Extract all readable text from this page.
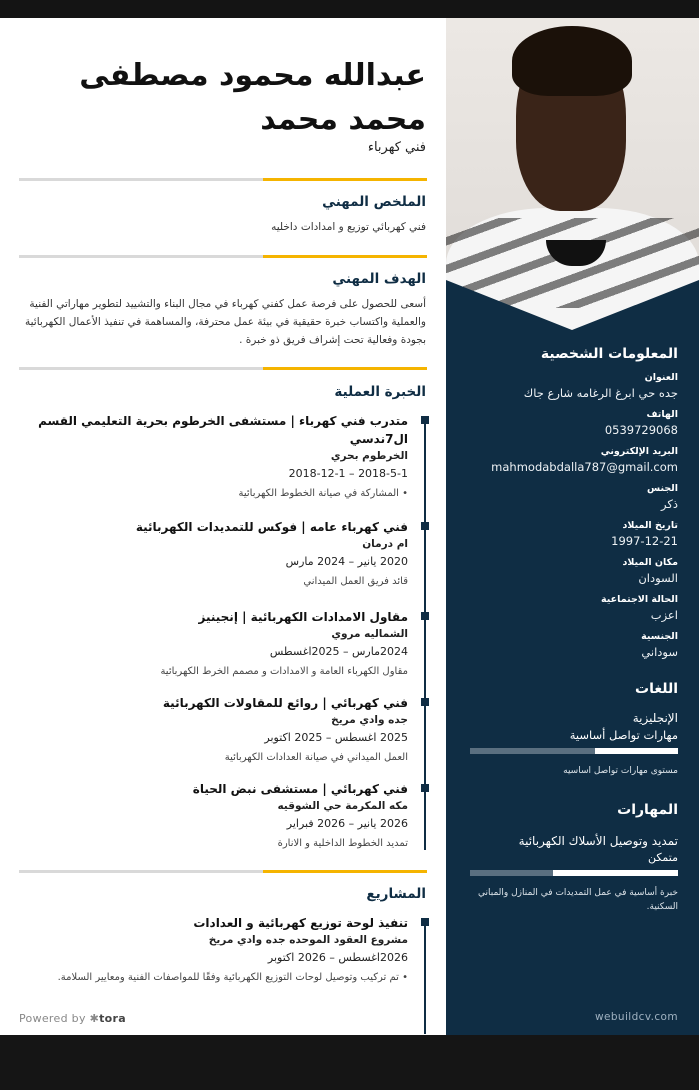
عبدالله محمود مصطفى محمد محمد
فني كهرباء
الملخص المهني
فني كهربائي توزيع و امدادات داخليه
الهدف المهني
أسعى للحصول على فرصة عمل كفني كهرباء في مجال البناء والتشييد لتطوير مهاراتي الفنية والعملية واكتساب خبرة حقيقية في بيئة عمل محترفة، والمساهمة في تنفيذ الأعمال الكهربائية بجودة وفعالية تحت إشراف فريق ذو خبرة .
الخبرة العملية
متدرب فني كهرباء | مستشفى الخرطوم بحرية التعليمي القسم ال7ندسي
الخرطوم بحري
2018-5-1 – 2018-12-1
• المشاركة في صيانة الخطوط الكهربائية
فني كهرباء عامه | فوكس للتمديدات الكهربائية
ام درمان
2020 يانير – 2024 مارس
قائد فريق العمل الميداني
مقاول الامدادات الكهربائية | إنجينيز
الشماليه مروي
2024مارس – 2025اغسطس
مقاول الكهرباء العامة و الامدادات و مصمم الخرط الكهربائية
فني كهربائي | روائع للمقاولات الكهربائية
جده وادي مريخ
2025 اغسطس – 2025 اكتوبر
العمل الميداني في صيانة العدادات الكهربائية
فني كهربائي | مستشفى نبض الحياة
مكه المكرمة حي الشوقيه
2026 يانير – 2026 فبراير
تمديد الخطوط الداخلية و الانارة
المشاريع
تنفيذ لوحة توزيع كهربائية و العدادات
مشروع العقود الموحده جده وادي مريخ
2026اغسطس – 2026 اكتوبر
• تم تركيب وتوصيل لوحات التوزيع الكهربائية وفقًا للمواصفات الفنية ومعايير السلامة.
Powered by ✱tora
المعلومات الشخصية
العنوان
جده حي ابرغ الرغامه شارع جاك
الهاتف
0539729068
البريد الإلكتروني
mahmodabdalla787@gmail.com
الجنس
ذكر
تاريخ الميلاد
1997-12-21
مكان الميلاد
السودان
الحالة الاجتماعية
اعزب
الجنسية
سوداني
اللغات
الإنجليزية
مهارات تواصل أساسية
مستوى مهارات تواصل اساسيه
المهارات
تمديد وتوصيل الأسلاك الكهربائية
متمكن
خبرة أساسية في عمل التمديدات في المنازل والمباني السكنية.
webuildcv.com
